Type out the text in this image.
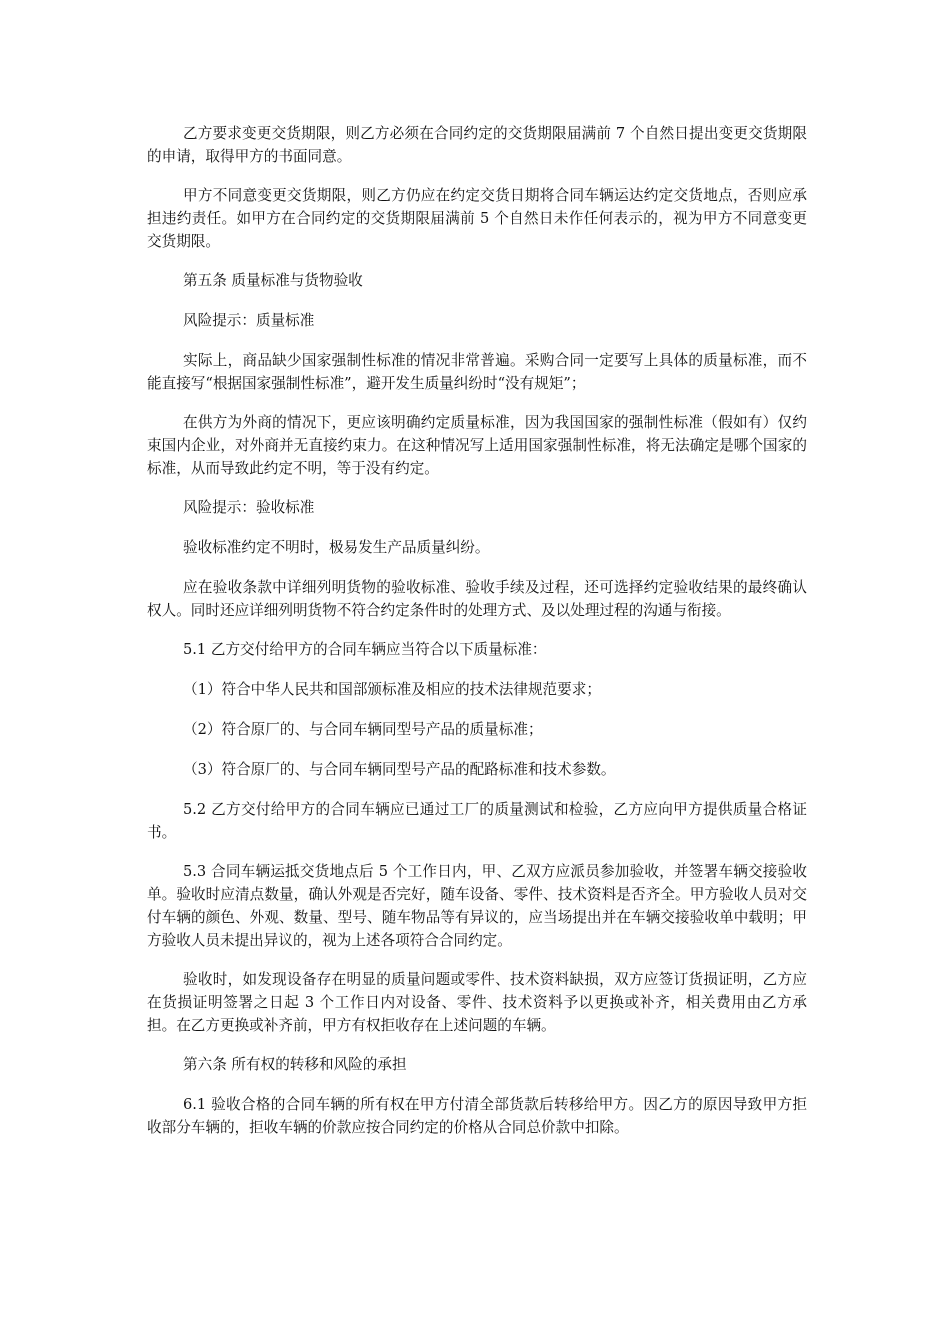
乙方要求变更交货期限，则乙方必须在合同约定的交货期限届满前 7 个自然日提出变更交货期限的申请，取得甲方的书面同意。

甲方不同意变更交货期限，则乙方仍应在约定交货日期将合同车辆运达约定交货地点，否则应承担违约责任。如甲方在合同约定的交货期限届满前 5 个自然日未作任何表示的，视为甲方不同意变更交货期限。

第五条 质量标准与货物验收

风险提示：质量标准

实际上，商品缺少国家强制性标准的情况非常普遍。采购合同一定要写上具体的质量标准，而不能直接写“根据国家强制性标准”，避开发生质量纠纷时“没有规矩”；

在供方为外商的情况下，更应该明确约定质量标准，因为我国国家的强制性标准（假如有）仅约束国内企业，对外商并无直接约束力。在这种情况写上适用国家强制性标准，将无法确定是哪个国家的标准，从而导致此约定不明，等于没有约定。

风险提示：验收标准

验收标准约定不明时，极易发生产品质量纠纷。

应在验收条款中详细列明货物的验收标准、验收手续及过程，还可选择约定验收结果的最终确认权人。同时还应详细列明货物不符合约定条件时的处理方式、及以处理过程的沟通与衔接。

5.1 乙方交付给甲方的合同车辆应当符合以下质量标准：

（1）符合中华人民共和国部颁标准及相应的技术法律规范要求；

（2）符合原厂的、与合同车辆同型号产品的质量标准；

（3）符合原厂的、与合同车辆同型号产品的配路标准和技术参数。

5.2 乙方交付给甲方的合同车辆应已通过工厂的质量测试和检验，乙方应向甲方提供质量合格证书。

5.3 合同车辆运抵交货地点后 5 个工作日内，甲、乙双方应派员参加验收，并签署车辆交接验收单。验收时应清点数量，确认外观是否完好，随车设备、零件、技术资料是否齐全。甲方验收人员对交付车辆的颜色、外观、数量、型号、随车物品等有异议的，应当场提出并在车辆交接验收单中载明；甲方验收人员未提出异议的，视为上述各项符合合同约定。

验收时，如发现设备存在明显的质量问题或零件、技术资料缺损，双方应签订货损证明，乙方应在货损证明签署之日起 3 个工作日内对设备、零件、技术资料予以更换或补齐，相关费用由乙方承担。在乙方更换或补齐前，甲方有权拒收存在上述问题的车辆。

第六条 所有权的转移和风险的承担

6.1 验收合格的合同车辆的所有权在甲方付清全部货款后转移给甲方。因乙方的原因导致甲方拒收部分车辆的，拒收车辆的价款应按合同约定的价格从合同总价款中扣除。
